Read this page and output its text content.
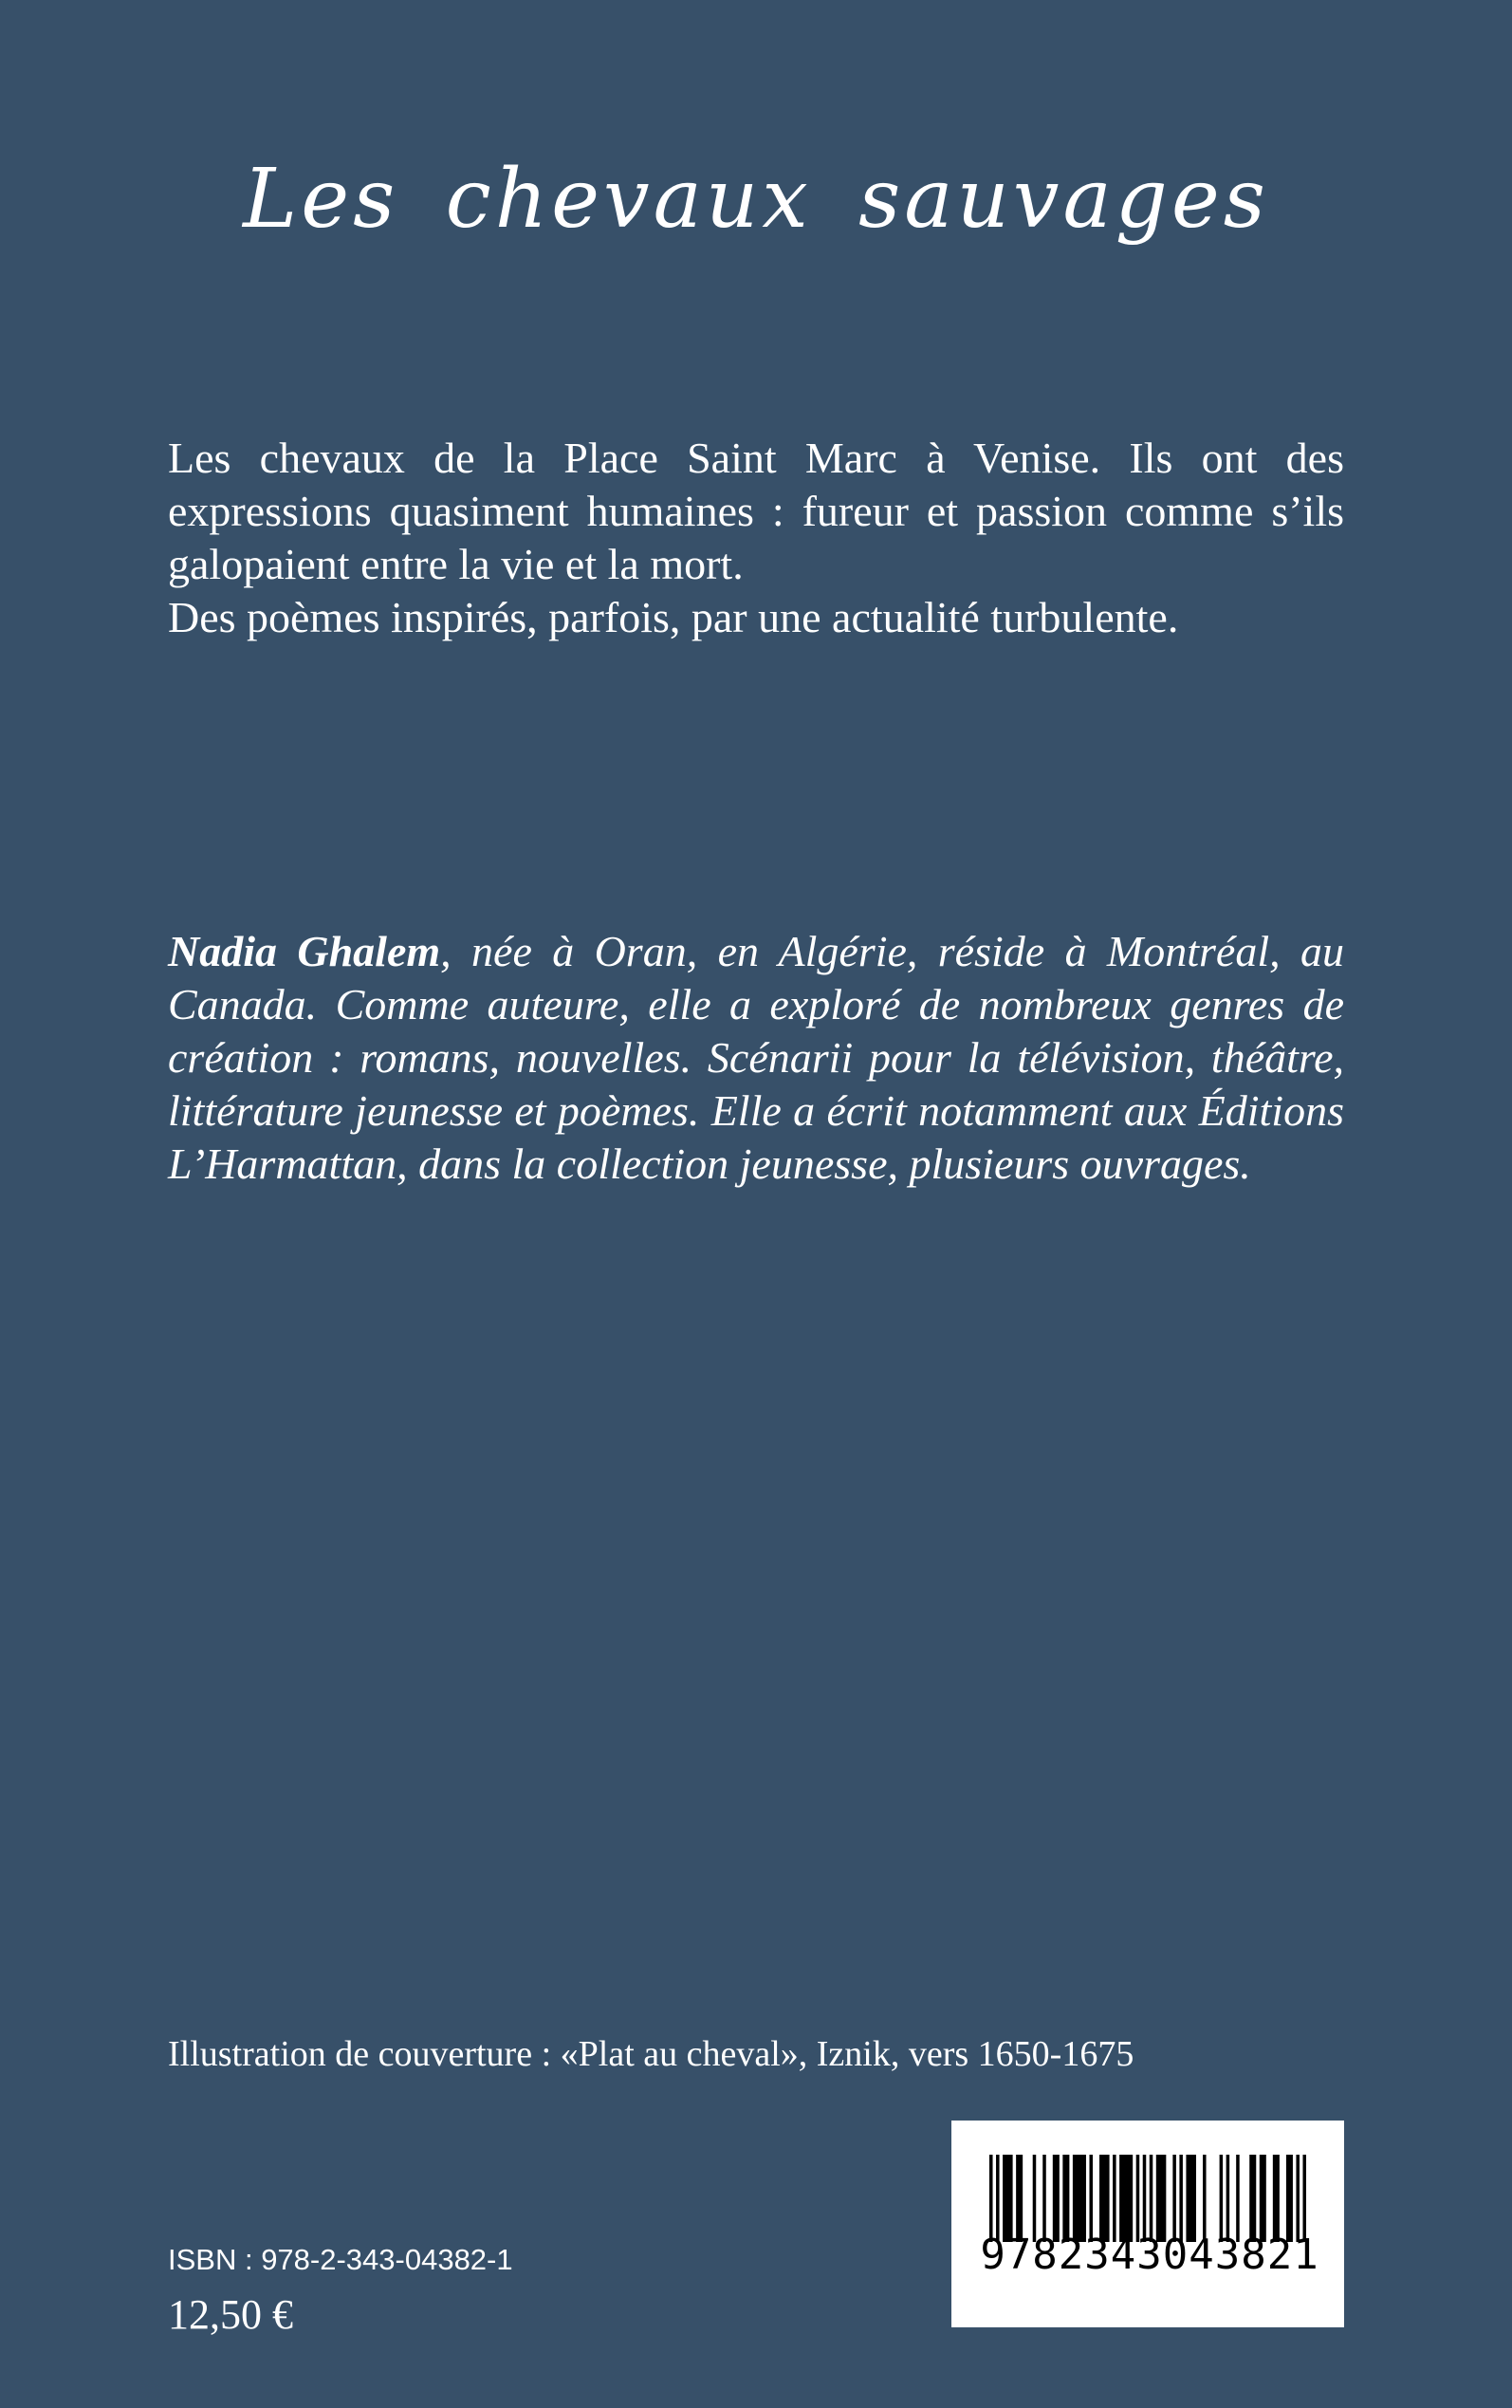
Les chevaux sauvages

Les chevaux de la Place Saint Marc à Venise. Ils ont des expressions quasiment humaines : fureur et passion comme s’ils galopaient entre la vie et la mort.

Des poèmes inspirés, parfois, par une actualité turbulente.

Nadia Ghalem, née à Oran, en Algérie, réside à Montréal, au Canada. Comme auteure, elle a exploré de nombreux genres de création : romans, nouvelles. Scénarii pour la télévision, théâtre, littérature jeunesse et poèmes. Elle a écrit notamment aux Éditions L’Harmattan, dans la collection jeunesse, plusieurs ouvrages.

Illustration de couverture : «Plat au cheval», Iznik, vers 1650-1675

ISBN : 978-2-343-04382-1

12,50 €

9782343043821
